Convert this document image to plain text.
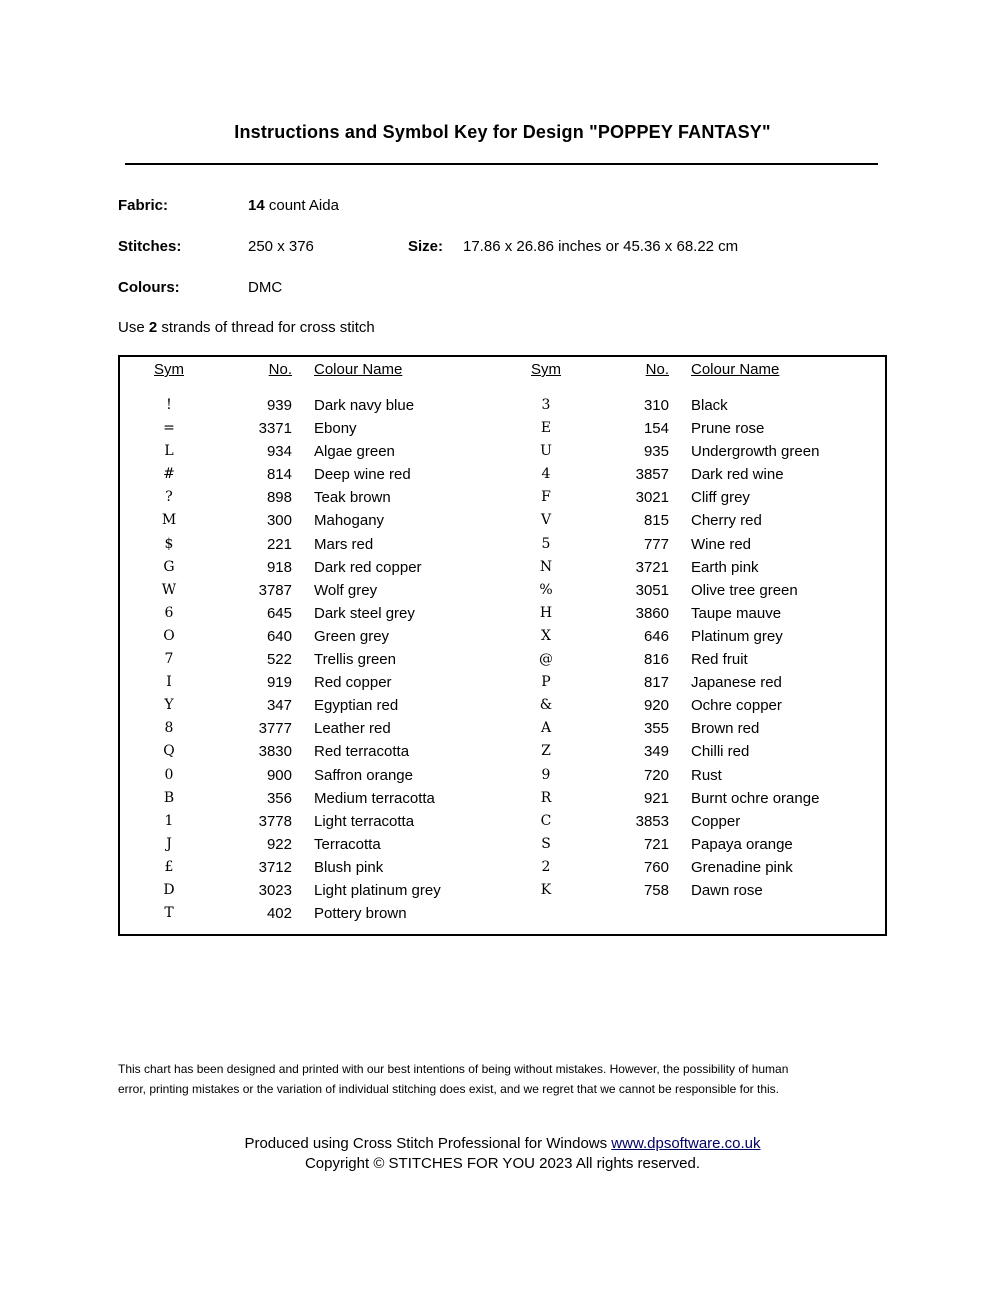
Instructions and Symbol Key for Design "POPPEY FANTASY"
Fabric:	14 count Aida
Stitches:	250 x 376	Size: 17.86 x 26.86 inches or 45.36 x 68.22 cm
Colours:	DMC
Use 2 strands of thread for cross stitch
Sym	No.	Colour Name
!	939	Dark navy blue
=	3371	Ebony
L	934	Algae green
#	814	Deep wine red
?	898	Teak brown
M	300	Mahogany
$	221	Mars red
G	918	Dark red copper
W	3787	Wolf grey
6	645	Dark steel grey
O	640	Green grey
7	522	Trellis green
I	919	Red copper
Y	347	Egyptian red
8	3777	Leather red
Q	3830	Red terracotta
0	900	Saffron orange
B	356	Medium terracotta
1	3778	Light terracotta
J	922	Terracotta
£	3712	Blush pink
D	3023	Light platinum grey
T	402	Pottery brown
Sym	No.	Colour Name
3	310	Black
E	154	Prune rose
U	935	Undergrowth green
4	3857	Dark red wine
F	3021	Cliff grey
V	815	Cherry red
5	777	Wine red
N	3721	Earth pink
%	3051	Olive tree green
H	3860	Taupe mauve
X	646	Platinum grey
@	816	Red fruit
P	817	Japanese red
&	920	Ochre copper
A	355	Brown red
Z	349	Chilli red
9	720	Rust
R	921	Burnt ochre orange
C	3853	Copper
S	721	Papaya orange
2	760	Grenadine pink
K	758	Dawn rose
This chart has been designed and printed with our best intentions of being without mistakes. However, the possibility of human
error, printing mistakes or the variation of individual stitching does exist, and we regret that we cannot be responsible for this.
Produced using Cross Stitch Professional for Windows www.dpsoftware.co.uk
Copyright © STITCHES FOR YOU 2023 All rights reserved.
